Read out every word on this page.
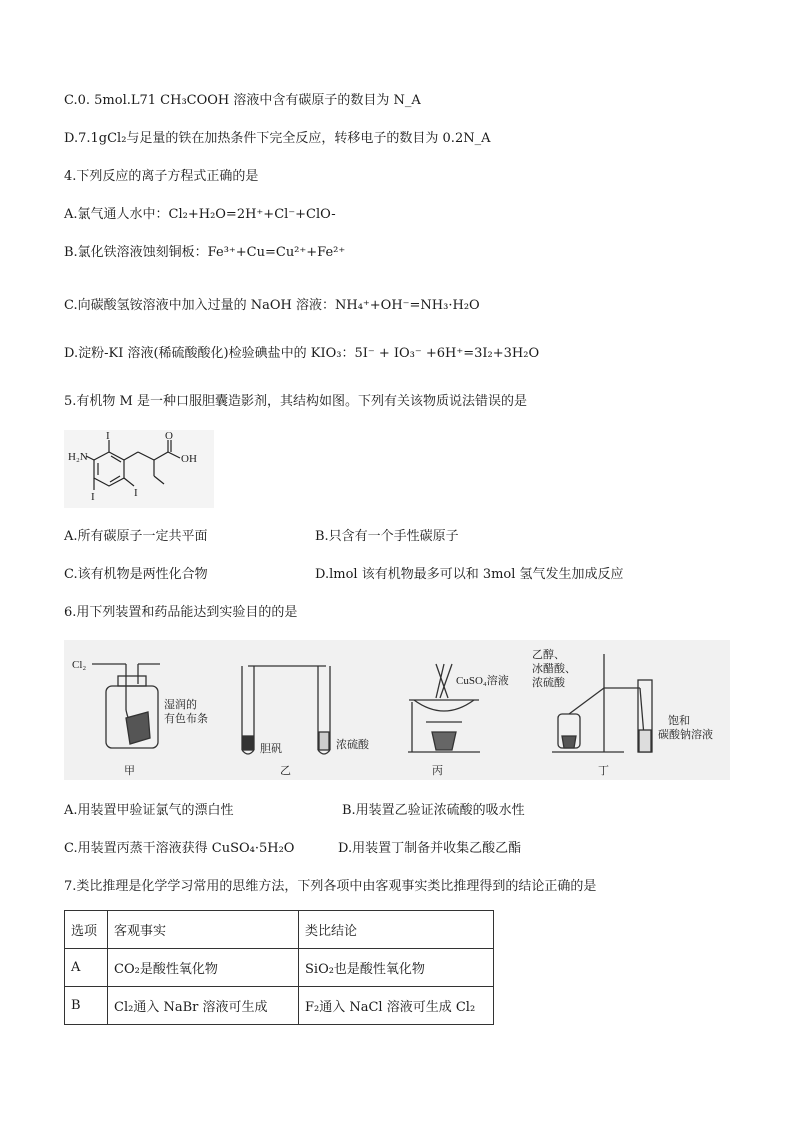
C.0. 5mol.L71 CH₃COOH 溶液中含有碳原子的数目为 N_A
D.7.1gCl₂与足量的铁在加热条件下完全反应，转移电子的数目为 0.2N_A
4.下列反应的离子方程式正确的是
A.氯气通人水中：Cl₂+H₂O=2H⁺+Cl⁻+ClO-
B.氯化铁溶液蚀刻铜板：Fe³⁺+Cu=Cu²⁺+Fe²⁺
C.向碳酸氢铵溶液中加入过量的 NaOH 溶液：NH₄⁺+OH⁻=NH₃·H₂O
D.淀粉-KI 溶液(稀硫酸酸化)检验碘盐中的 KIO₃：5I⁻ + IO₃⁻ +6H⁺=3I₂+3H₂O
5.有机物 M 是一种口服胆囊造影剂，其结构如图。下列有关该物质说法错误的是
H₂N
I
I	I
O
OH
A.所有碳原子一定共平面	B.只含有一个手性碳原子
C.该有机物是两性化合物	D.lmol 该有机物最多可以和 3mol 氢气发生加成反应
6.用下列装置和药品能达到实验目的的是
Cl₂
湿润的
有色布条
甲
胆矾	浓硫酸
乙
CuSO₄溶液
丙
乙醇、
冰醋酸、
浓硫酸
饱和
碳酸钠溶液
丁
A.用装置甲验证氯气的漂白性	B.用装置乙验证浓硫酸的吸水性
C.用装置丙蒸干溶液获得 CuSO₄·5H₂O	D.用装置丁制备并收集乙酸乙酯
7.类比推理是化学学习常用的思维方法，下列各项中由客观事实类比推理得到的结论正确的是
选项	客观事实	类比结论
A	CO₂是酸性氧化物	SiO₂也是酸性氧化物
B	Cl₂通入 NaBr 溶液可生成	F₂通入 NaCl 溶液可生成 Cl₂
